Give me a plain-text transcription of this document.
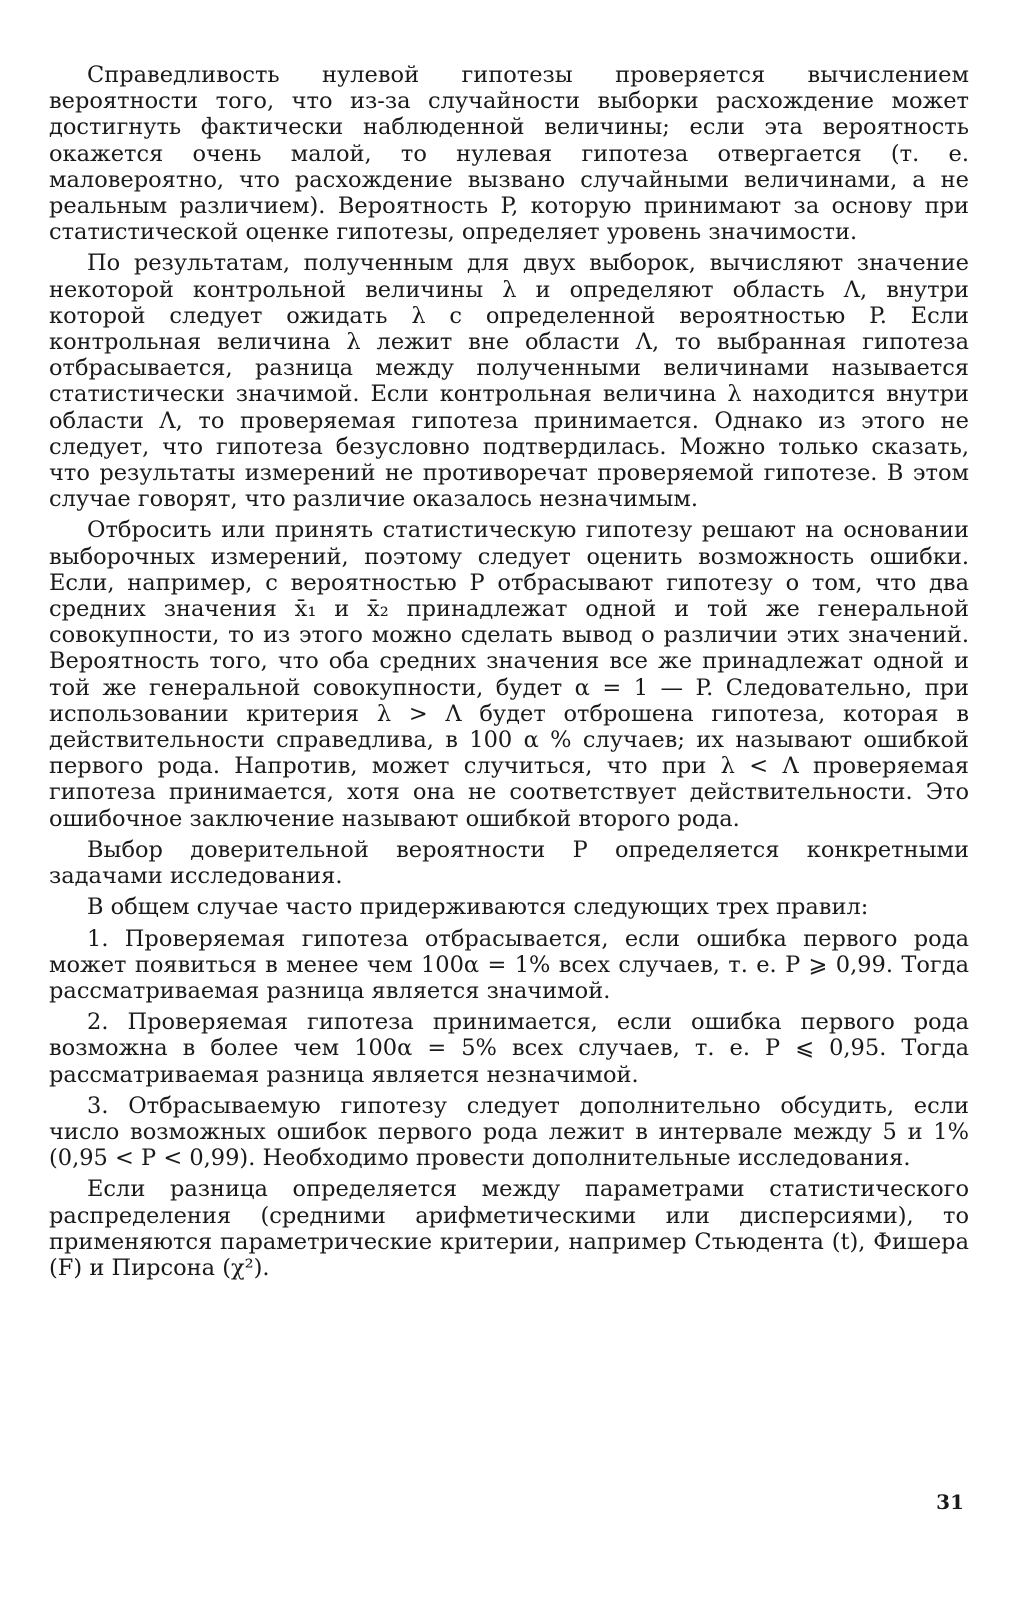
Справедливость нулевой гипотезы проверяется вычислением вероятности того, что из-за случайности выборки расхождение может достигнуть фактически наблюденной величины; если эта вероятность окажется очень малой, то нулевая гипотеза отвергается (т. е. маловероятно, что расхождение вызвано случайными величинами, а не реальным различием). Вероятность P, которую принимают за основу при статистической оценке гипотезы, определяет уровень значимости.

По результатам, полученным для двух выборок, вычисляют значение некоторой контрольной величины λ и определяют область Λ, внутри которой следует ожидать λ с определенной вероятностью P. Если контрольная величина λ лежит вне области Λ, то выбранная гипотеза отбрасывается, разница между полученными величинами называется статистически значимой. Если контрольная величина λ находится внутри области Λ, то проверяемая гипотеза принимается. Однако из этого не следует, что гипотеза безусловно подтвердилась. Можно только сказать, что результаты измерений не противоречат проверяемой гипотезе. В этом случае говорят, что различие оказалось незначимым.

Отбросить или принять статистическую гипотезу решают на основании выборочных измерений, поэтому следует оценить возможность ошибки. Если, например, с вероятностью P отбрасывают гипотезу о том, что два средних значения x̄₁ и x̄₂ принадлежат одной и той же генеральной совокупности, то из этого можно сделать вывод о различии этих значений. Вероятность того, что оба средних значения все же принадлежат одной и той же генеральной совокупности, будет α = 1 — P. Следовательно, при использовании критерия λ > Λ будет отброшена гипотеза, которая в действительности справедлива, в 100 α % случаев; их называют ошибкой первого рода. Напротив, может случиться, что при λ < Λ проверяемая гипотеза принимается, хотя она не соответствует действительности. Это ошибочное заключение называют ошибкой второго рода.

Выбор доверительной вероятности P определяется конкретными задачами исследования.

В общем случае часто придерживаются следующих трех правил:

1. Проверяемая гипотеза отбрасывается, если ошибка первого рода может появиться в менее чем 100α = 1% всех случаев, т. е. P ⩾ 0,99. Тогда рассматриваемая разница является значимой.

2. Проверяемая гипотеза принимается, если ошибка первого рода возможна в более чем 100α = 5% всех случаев, т. е. P ⩽ 0,95. Тогда рассматриваемая разница является незначимой.

3. Отбрасываемую гипотезу следует дополнительно обсудить, если число возможных ошибок первого рода лежит в интервале между 5 и 1% (0,95 < P < 0,99). Необходимо провести дополнительные исследования.

Если разница определяется между параметрами статистического распределения (средними арифметическими или дисперсиями), то применяются параметрические критерии, например Стьюдента (t), Фишера (F) и Пирсона (χ²).

31
